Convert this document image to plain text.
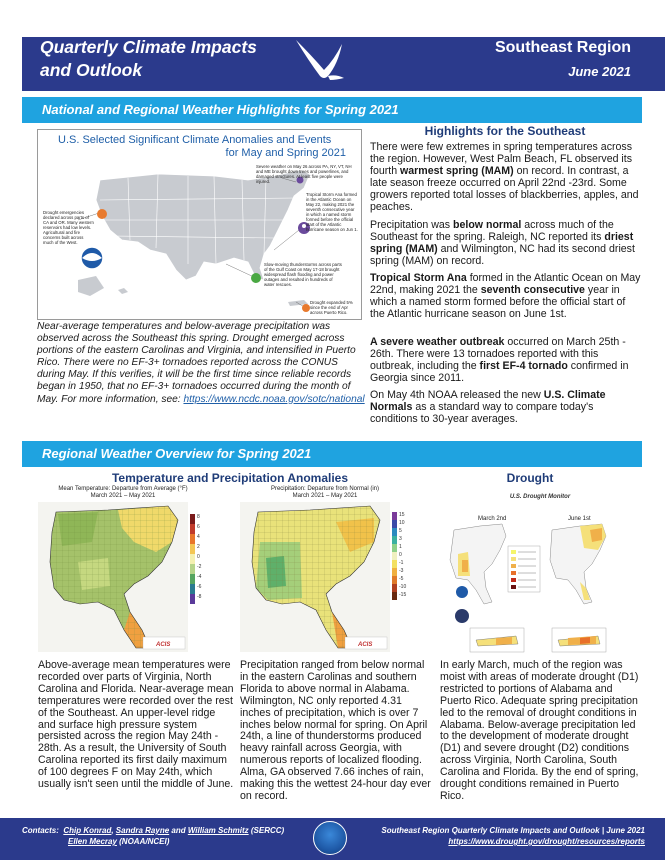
Quarterly Climate Impacts
and Outlook
Southeast Region
June 2021
National and Regional Weather Highlights for Spring 2021
U.S. Selected Significant Climate Anomalies and Events
for May and Spring 2021
Severe weather on May 26 across PA, NY, VT, NH and ME brought down trees and powerlines, and damaged structures. At least five people were injured.
Tropical Storm Ana formed in the Atlantic Ocean on May 22, making 2021 the seventh consecutive year in which a named storm formed before the official start of the Atlantic hurricane season on Jun 1.
Drought emergencies declared across parts of CA and OR. Many western reservoirs had low levels. Agricultural and fire concerns built across much of the West.
Slow-moving thunderstorms across parts of the Gulf Coast on May 17-18 brought widespread flash flooding and power outages and resulted in hundreds of water rescues.
Drought expanded 5% since the end of Apr across Puerto Rico.
Near-average temperatures and below-average precipitation was observed across the Southeast this spring. Drought emerged across portions of the eastern Carolinas and Virginia, and intensified in Puerto Rico. There were no EF-3+ tornadoes reported across the CONUS during May. If this verifies, it will be the first time since reliable records began in 1950, that no EF-3+ tornadoes occurred during the month of May. For more information, see: https://www.ncdc.noaa.gov/sotc/national
Highlights for the Southeast
There were few extremes in spring temperatures across the region. However, West Palm Beach, FL observed its fourth warmest spring (MAM) on record. In contrast, a late season freeze occurred on April 22nd -23rd. Some growers reported total losses of blackberries, apples, and peaches.
Precipitation was below normal across much of the Southeast for the spring. Raleigh, NC reported its driest spring (MAM) and Wilmington, NC had its second driest spring (MAM) on record.
Tropical Storm Ana formed in the Atlantic Ocean on May 22nd, making 2021 the seventh consecutive year in which a named storm formed before the official start of the Atlantic hurricane season on June 1st.
A severe weather outbreak occurred on March 25th - 26th. There were 13 tornadoes reported with this outbreak, including the first EF-4 tornado confirmed in Georgia since 2011.
On May 4th NOAA released the new U.S. Climate Normals as a standard way to compare today's conditions to 30-year averages.
Regional Weather Overview for Spring 2021
Temperature and Precipitation Anomalies	Drought
Mean Temperature: Departure from Average (°F)
March 2021 – May 2021
ACIS
8
6
4
2
0
-2
-4
-6
-8
Precipitation: Departure from Normal (in)
March 2021 – May 2021
ACIS
15
10
5
3
1
0
-1
-3
-5
-10
-15
U.S. Drought Monitor
March 2nd	June 1st
Above-average mean temperatures were recorded over parts of Virginia, North Carolina and Florida. Near-average mean temperatures were recorded over the rest of the Southeast. An upper-level ridge and surface high pressure system persisted across the region May 24th - 28th. As a result, the University of South Carolina reported its first daily maximum of 100 degrees F on May 24th, which usually isn't seen until the middle of June.
Precipitation ranged from below normal in the eastern Carolinas and southern Florida to above normal in Alabama. Wilmington, NC only reported 4.31 inches of precipitation, which is over 7 inches below normal for spring. On April 24th, a line of thunderstorms produced heavy rainfall across Georgia, with numerous reports of localized flooding. Alma, GA observed 7.66 inches of rain, making this the wettest 24-hour day ever on record.
In early March, much of the region was moist with areas of moderate drought (D1) restricted to portions of Alabama and Puerto Rico. Adequate spring precipitation led to the removal of drought conditions in Alabama. Below-average precipitation led to the development of moderate drought (D1) and severe drought (D2) conditions across Virginia, North Carolina, South Carolina and Florida. By the end of spring, drought conditions remained in Puerto Rico.
Contacts: Chip Konrad, Sandra Rayne and William Schmitz (SERCC)
Ellen Mecray (NOAA/NCEI)
Southeast Region Quarterly Climate Impacts and Outlook | June 2021
https://www.drought.gov/drought/resources/reports
